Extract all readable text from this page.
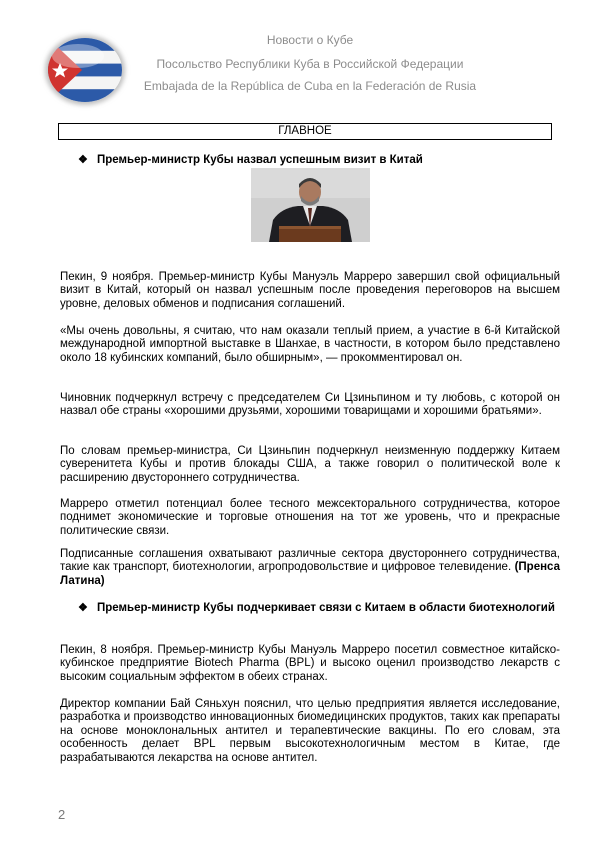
Новости о Кубе
Посольство Республики Куба в Российской Федерации
Embajada de la República de Cuba en la Federación de Rusia
ГЛАВНОЕ
❖ Премьер-министр Кубы назвал успешным визит в Китай

Пекин, 9 ноября. Премьер-министр Кубы Мануэль Марреро завершил свой официальный визит в Китай, который он назвал успешным после проведения переговоров на высшем уровне, деловых обменов и подписания соглашений.

«Мы очень довольны, я считаю, что нам оказали теплый прием, а участие в 6-й Китайской международной импортной выставке в Шанхае, в частности, в котором было представлено около 18 кубинских компаний, было обширным», — прокомментировал он.

Чиновник подчеркнул встречу с председателем Си Цзиньпином и ту любовь, с которой он назвал обе страны «хорошими друзьями, хорошими товарищами и хорошими братьями».

По словам премьер-министра, Си Цзиньпин подчеркнул неизменную поддержку Китаем суверенитета Кубы и против блокады США, а также говорил о политической воле к расширению двустороннего сотрудничества.

Марреро отметил потенциал более тесного межсекторального сотрудничества, которое поднимет экономические и торговые отношения на тот же уровень, что и прекрасные политические связи.

Подписанные соглашения охватывают различные сектора двустороннего сотрудничества, такие как транспорт, биотехнологии, агропродовольствие и цифровое телевидение. (Пренса Латина)

❖ Премьер-министр Кубы подчеркивает связи с Китаем в области биотехнологий

Пекин, 8 ноября. Премьер-министр Кубы Мануэль Марреро посетил совместное китайско-кубинское предприятие Biotech Pharma (BPL) и высоко оценил производство лекарств с высоким социальным эффектом в обеих странах.

Директор компании Бай Сяньхун пояснил, что целью предприятия является исследование, разработка и производство инновационных биомедицинских продуктов, таких как препараты на основе моноклональных антител и терапевтические вакцины. По его словам, эта особенность делает BPL первым высокотехнологичным местом в Китае, где разрабатываются лекарства на основе антител.

2
